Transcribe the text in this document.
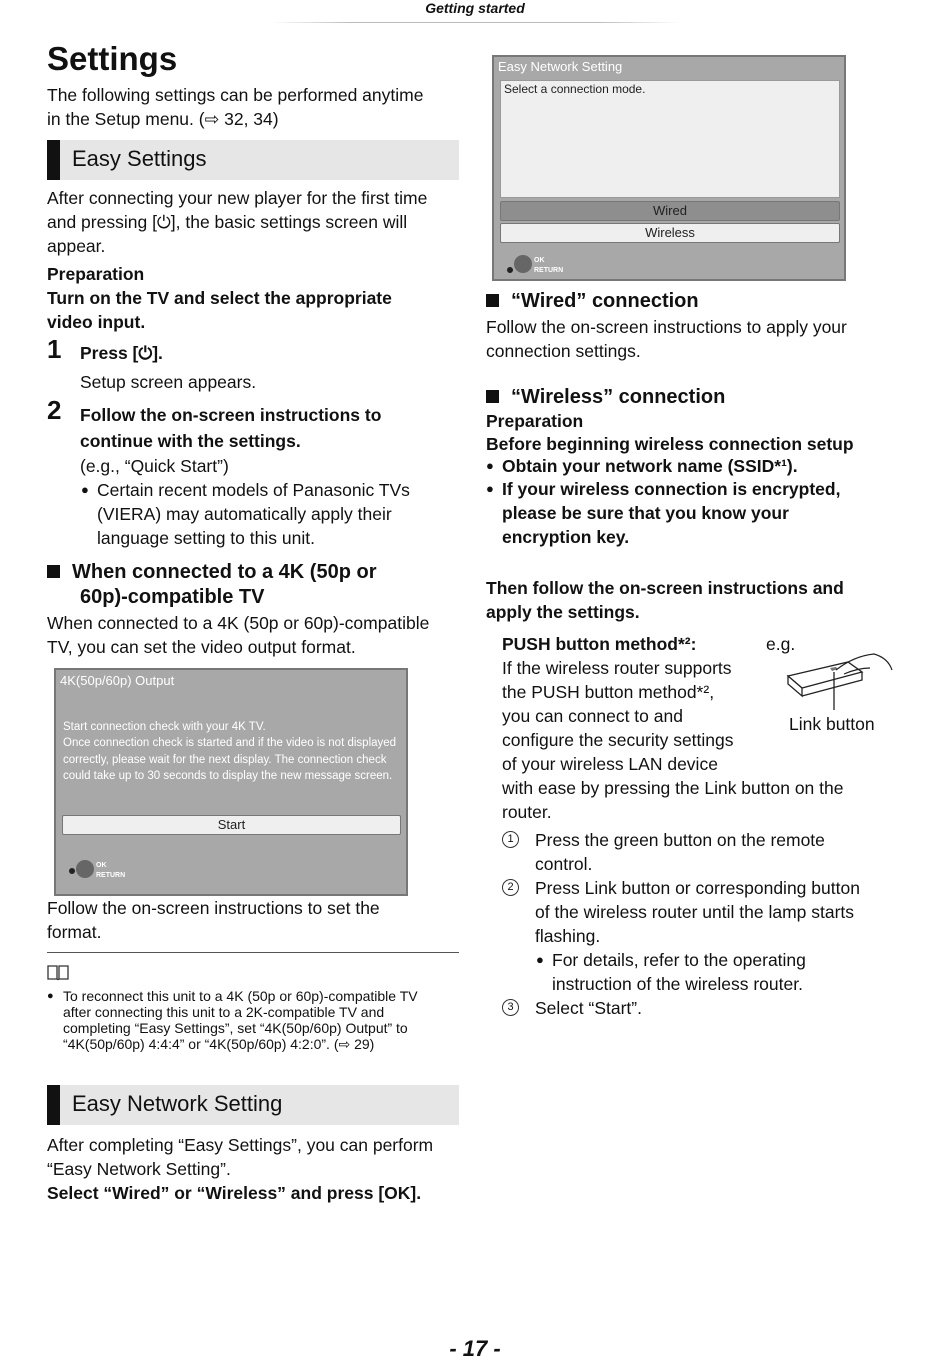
Getting started
Settings
The following settings can be performed anytime
in the Setup menu. (⇨ 32, 34)
Easy Settings
After connecting your new player for the first time
and pressing [⏻], the basic settings screen will
appear.
Preparation
Turn on the TV and select the appropriate
video input.
1 Press [⏻].
Setup screen appears.
2 Follow the on-screen instructions to
continue with the settings.
(e.g., “Quick Start”)
● Certain recent models of Panasonic TVs
(VIERA) may automatically apply their
language setting to this unit.
When connected to a 4K (50p or
60p)-compatible TV
When connected to a 4K (50p or 60p)-compatible
TV, you can set the video output format.
4K(50p/60p) Output
Start connection check with your 4K TV.
Once connection check is started and if the video is not displayed
correctly, please wait for the next display. The connection check
could take up to 30 seconds to display the new message screen.
Start
OK
RETURN
Follow the on-screen instructions to set the
format.
● To reconnect this unit to a 4K (50p or 60p)-compatible TV
after connecting this unit to a 2K-compatible TV and
completing “Easy Settings”, set “4K(50p/60p) Output” to
“4K(50p/60p) 4:4:4” or “4K(50p/60p) 4:2:0”. (⇨ 29)
Easy Network Setting
After completing “Easy Settings”, you can perform
“Easy Network Setting”.
Select “Wired” or “Wireless” and press [OK].
Easy Network Setting
Select a connection mode.
Wired
Wireless
OK
RETURN
“Wired” connection
Follow the on-screen instructions to apply your
connection settings.
“Wireless” connection
Preparation
Before beginning wireless connection setup
● Obtain your network name (SSID*¹).
● If your wireless connection is encrypted,
please be sure that you know your
encryption key.
Then follow the on-screen instructions and
apply the settings.
PUSH button method*²:	e.g.
Link button
If the wireless router supports
the PUSH button method*²,
you can connect to and
configure the security settings
of your wireless LAN device
with ease by pressing the Link button on the
router.
1	Press the green button on the remote
control.
2	Press Link button or corresponding button
of the wireless router until the lamp starts
flashing.
● For details, refer to the operating
instruction of the wireless router.
3	Select “Start”.
- 17 -
